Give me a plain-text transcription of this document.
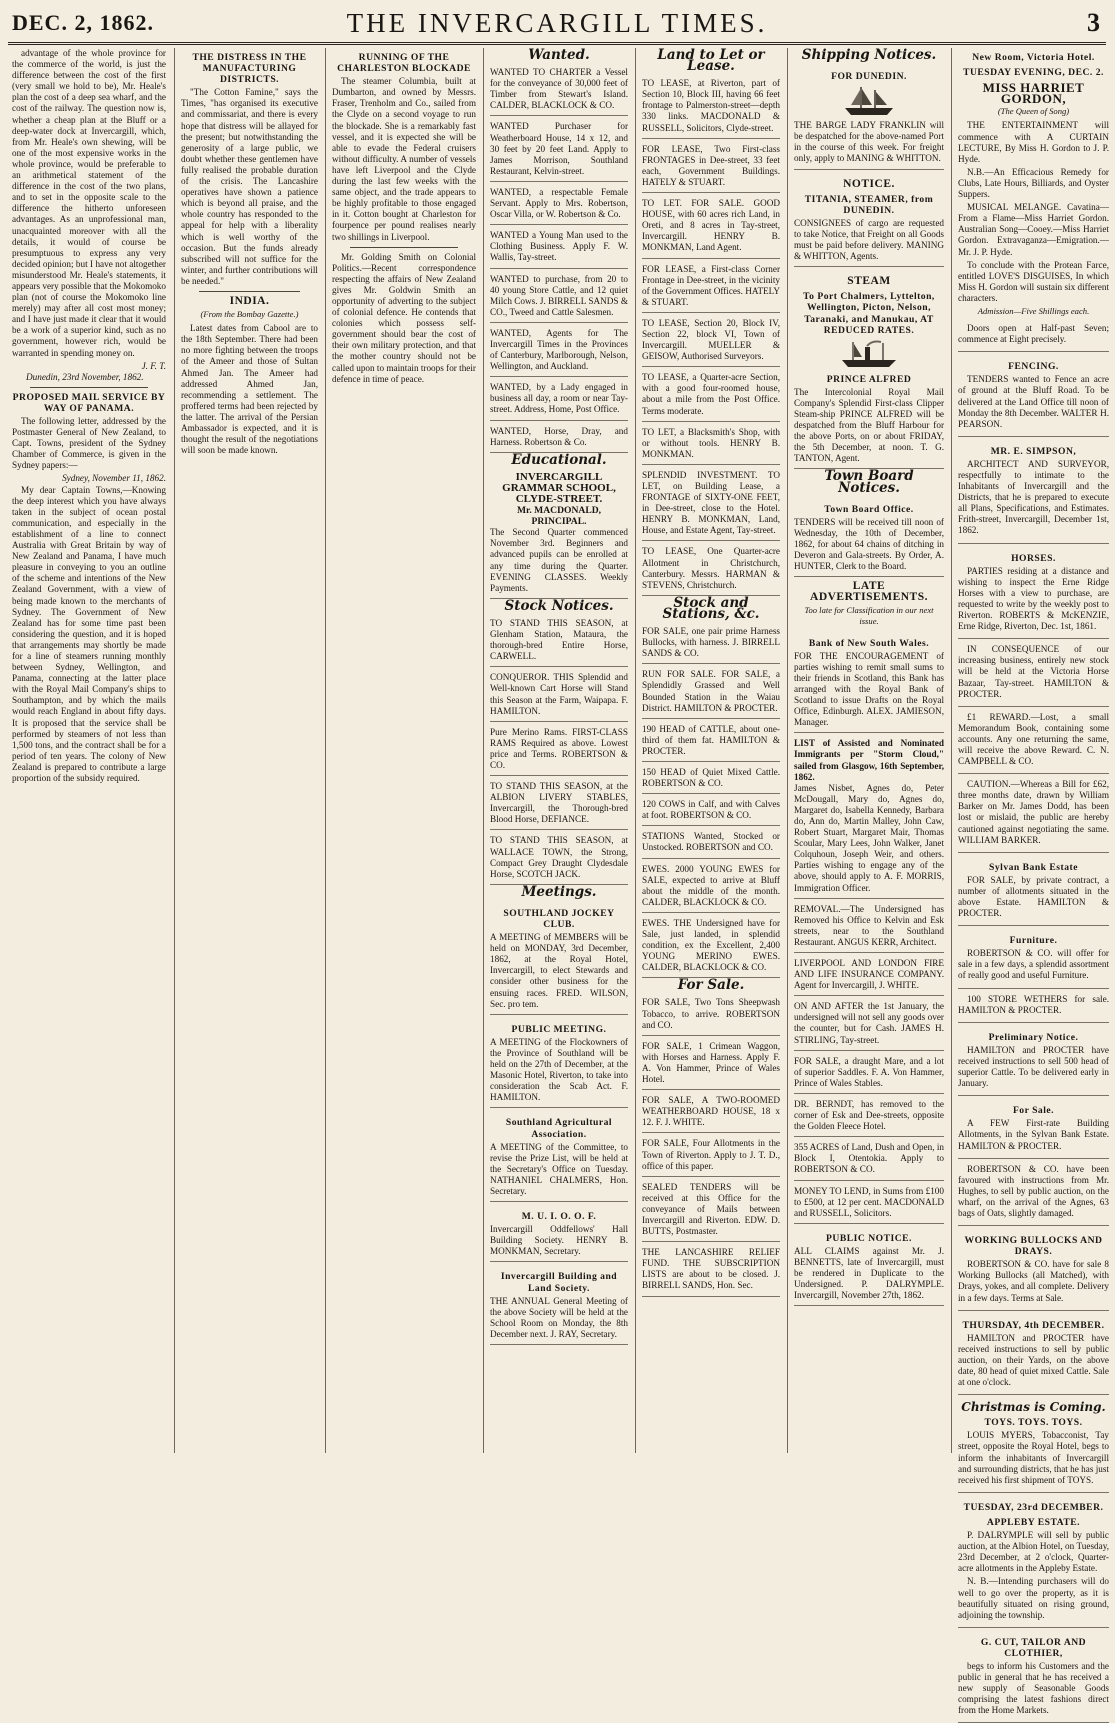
DEC. 2, 1862.	THE INVERCARGILL TIMES.	3

advantage of the whole province for the commerce of the world, is just the difference between the cost of the first (very small we hold to be), Mr. Heale's plan the cost of a deep sea wharf, and the cost of the railway. The question now is, whether a cheap plan at the Bluff or a deep-water dock at Invercargill, which, from Mr. Heale's own shewing, will be one of the most expensive works in the whole province, would be preferable to an arithmetical statement of the difference in the cost of the two plans, and to set in the opposite scale to the difference the hitherto unforeseen advantages. As an unprofessional man, unacquainted moreover with all the details, it would of course be presumptuous to express any very decided opinion; but I have not altogether misunderstood Mr. Heale's statements, it appears very possible that the Mokomoko plan (not of course the Mokomoko line merely) may after all cost most money; and I have just made it clear that it would be a work of a superior kind, such as no government, however rich, would be warranted in spending money on.

J. F. T.
Dunedin, 23rd November, 1862.
PROPOSED MAIL SERVICE BY WAY OF PANAMA.

The following letter, addressed by the Postmaster General of New Zealand, to Capt. Towns, president of the Sydney Chamber of Commerce, is given in the Sydney papers:—

Sydney, November 11, 1862.

My dear Captain Towns,—Knowing the deep interest which you have always taken in the subject of ocean postal communication, and especially in the establishment of a line to connect Australia with Great Britain by way of New Zealand and Panama, I have much pleasure in conveying to you an outline of the scheme and intentions of the New Zealand Government, with a view of being made known to the merchants of Sydney. The Government of New Zealand has for some time past been considering the question, and it is hoped that arrangements may shortly be made for a line of steamers running monthly between Sydney, Wellington, and Panama, connecting at the latter place with the Royal Mail Company's ships to Southampton, and by which the mails would reach England in about fifty days. It is proposed that the service shall be performed by steamers of not less than 1,500 tons, and the contract shall be for a period of ten years. The colony of New Zealand is prepared to contribute a large proportion of the subsidy required.

THE DISTRESS IN THE MANUFACTURING DISTRICTS.

"The Cotton Famine," says the Times, "has organised its executive and commissariat, and there is every hope that distress will be allayed for the present; but notwithstanding the generosity of a large public, we doubt whether these gentlemen have fully realised the probable duration of the crisis. The Lancashire operatives have shown a patience which is beyond all praise, and the whole country has responded to the appeal for help with a liberality which is well worthy of the occasion. But the funds already subscribed will not suffice for the winter, and further contributions will be needed."

INDIA.
(From the Bombay Gazette.)

Latest dates from Cabool are to the 18th September. There had been no more fighting between the troops of the Ameer and those of Sultan Ahmed Jan. The Ameer had addressed Ahmed Jan, recommending a settlement. The proffered terms had been rejected by the latter. The arrival of the Persian Ambassador is expected, and it is thought the result of the negotiations will soon be made known.

RUNNING OF THE CHARLESTON BLOCKADE

The steamer Columbia, built at Dumbarton, and owned by Messrs. Fraser, Trenholm and Co., sailed from the Clyde on a second voyage to run the blockade. She is a remarkably fast vessel, and it is expected she will be able to evade the Federal cruisers without difficulty. A number of vessels have left Liverpool and the Clyde during the last few weeks with the same object, and the trade appears to be highly profitable to those engaged in it. Cotton bought at Charleston for fourpence per pound realises nearly two shillings in Liverpool.

Mr. Golding Smith on Colonial Politics.—Recent correspondence respecting the affairs of New Zealand gives Mr. Goldwin Smith an opportunity of adverting to the subject of colonial defence. He contends that colonies which possess self-government should bear the cost of their own military protection, and that the mother country should not be called upon to maintain troops for their defence in time of peace.

Wanted.

WANTED TO CHARTER a Vessel for the conveyance of 30,000 feet of Timber from Stewart's Island. CALDER, BLACKLOCK & CO.

WANTED Purchaser for Weatherboard House, 14 x 12, and 30 feet by 20 feet Land. Apply to James Morrison, Southland Restaurant, Kelvin-street.

WANTED, a respectable Female Servant. Apply to Mrs. Robertson, Oscar Villa, or W. Robertson & Co.

WANTED a Young Man used to the Clothing Business. Apply F. W. Wallis, Tay-street.

WANTED to purchase, from 20 to 40 young Store Cattle, and 12 quiet Milch Cows. J. BIRRELL SANDS & CO., Tweed and Cattle Salesmen.

WANTED, Agents for The Invercargill Times in the Provinces of Canterbury, Marlborough, Nelson, Wellington, and Auckland.

WANTED, by a Lady engaged in business all day, a room or near Tay-street. Address, Home, Post Office.

WANTED, Horse, Dray, and Harness. Robertson & Co.

Educational.
INVERCARGILL GRAMMAR SCHOOL, CLYDE-STREET.
Mr. MACDONALD, PRINCIPAL.

The Second Quarter commenced November 3rd. Beginners and advanced pupils can be enrolled at any time during the Quarter. EVENING CLASSES. Weekly Payments.

Stock Notices.

TO STAND THIS SEASON, at Glenham Station, Mataura, the thorough-bred Entire Horse, CARWELL.

CONQUEROR. THIS Splendid and Well-known Cart Horse will Stand this Season at the Farm, Waipapa. F. HAMILTON.

Pure Merino Rams. FIRST-CLASS RAMS Required as above. Lowest price and Terms. ROBERTSON & CO.

TO STAND THIS SEASON, at the ALBION LIVERY STABLES, Invercargill, the Thorough-bred Blood Horse, DEFIANCE.

TO STAND THIS SEASON, at WALLACE TOWN, the Strong, Compact Grey Draught Clydesdale Horse, SCOTCH JACK.

Meetings.
SOUTHLAND JOCKEY CLUB.

A MEETING of MEMBERS will be held on MONDAY, 3rd December, 1862, at the Royal Hotel, Invercargill, to elect Stewards and consider other business for the ensuing races. FRED. WILSON, Sec. pro tem.

PUBLIC MEETING.

A MEETING of the Flockowners of the Province of Southland will be held on the 27th of December, at the Masonic Hotel, Riverton, to take into consideration the Scab Act. F. HAMILTON.

Southland Agricultural Association.

A MEETING of the Committee, to revise the Prize List, will be held at the Secretary's Office on Tuesday. NATHANIEL CHALMERS, Hon. Secretary.

M. U. I. O. O. F.

Invercargill Oddfellows' Hall Building Society. HENRY B. MONKMAN, Secretary.

Invercargill Building and Land Society.

THE ANNUAL General Meeting of the above Society will be held at the School Room on Monday, the 8th December next. J. RAY, Secretary.

Land to Let or Lease.

TO LEASE, at Riverton, part of Section 10, Block III, having 66 feet frontage to Palmerston-street—depth 330 links. MACDONALD & RUSSELL, Solicitors, Clyde-street.

FOR LEASE, Two First-class FRONTAGES in Dee-street, 33 feet each, Government Buildings. HATELY & STUART.

TO LET. FOR SALE. GOOD HOUSE, with 60 acres rich Land, in Oreti, and 8 acres in Tay-street, Invercargill. HENRY B. MONKMAN, Land Agent.

FOR LEASE, a First-class Corner Frontage in Dee-street, in the vicinity of the Government Offices. HATELY & STUART.

TO LEASE, Section 20, Block IV, Section 22, block VI, Town of Invercargill. MUELLER & GEISOW, Authorised Surveyors.

TO LEASE, a Quarter-acre Section, with a good four-roomed house, about a mile from the Post Office. Terms moderate.

TO LET, a Blacksmith's Shop, with or without tools. HENRY B. MONKMAN.

SPLENDID INVESTMENT. TO LET, on Building Lease, a FRONTAGE of SIXTY-ONE FEET, in Dee-street, close to the Hotel. HENRY B. MONKMAN, Land, House, and Estate Agent, Tay-street.

TO LEASE, One Quarter-acre Allotment in Christchurch, Canterbury. Messrs. HARMAN & STEVENS, Christchurch.

Stock and Stations, &c.

FOR SALE, one pair prime Harness Bullocks, with harness. J. BIRRELL SANDS & CO.

RUN FOR SALE. FOR SALE, a Splendidly Grassed and Well Bounded Station in the Waiau District. HAMILTON & PROCTER.

190 HEAD of CATTLE, about one-third of them fat. HAMILTON & PROCTER.

150 HEAD of Quiet Mixed Cattle. ROBERTSON & CO.

120 COWS in Calf, and with Calves at foot. ROBERTSON & CO.

STATIONS Wanted, Stocked or Unstocked. ROBERTSON and CO.

EWES. 2000 YOUNG EWES for SALE, expected to arrive at Bluff about the middle of the month. CALDER, BLACKLOCK & CO.

EWES. THE Undersigned have for Sale, just landed, in splendid condition, ex the Excellent, 2,400 YOUNG MERINO EWES. CALDER, BLACKLOCK & CO.

For Sale.

FOR SALE, Two Tons Sheepwash Tobacco, to arrive. ROBERTSON and CO.

FOR SALE, 1 Crimean Waggon, with Horses and Harness. Apply F. A. Von Hammer, Prince of Wales Hotel.

FOR SALE, A TWO-ROOMED WEATHERBOARD HOUSE, 18 x 12. F. J. WHITE.

FOR SALE, Four Allotments in the Town of Riverton. Apply to J. T. D., office of this paper.

SEALED TENDERS will be received at this Office for the conveyance of Mails between Invercargill and Riverton. EDW. D. BUTTS, Postmaster.

THE LANCASHIRE RELIEF FUND. THE SUBSCRIPTION LISTS are about to be closed. J. BIRRELL SANDS, Hon. Sec.

Shipping Notices.
FOR DUNEDIN.

THE BARGE LADY FRANKLIN will be despatched for the above-named Port in the course of this week. For freight only, apply to MANING & WHITTON.

NOTICE.
TITANIA, STEAMER, from DUNEDIN.

CONSIGNEES of cargo are requested to take Notice, that Freight on all Goods must be paid before delivery. MANING & WHITTON, Agents.

STEAM
To Port Chalmers, Lyttelton, Wellington, Picton, Nelson, Taranaki, and Manukau, AT REDUCED RATES.
PRINCE ALFRED

The Intercolonial Royal Mail Company's Splendid First-class Clipper Steam-ship PRINCE ALFRED will be despatched from the Bluff Harbour for the above Ports, on or about FRIDAY, the 5th December, at noon. T. G. TANTON, Agent.

Town Board Notices.
Town Board Office.

TENDERS will be received till noon of Wednesday, the 10th of December, 1862, for about 64 chains of ditching in Deveron and Gala-streets. By Order, A. HUNTER, Clerk to the Board.

LATE ADVERTISEMENTS.
Too late for Classification in our next issue.
Bank of New South Wales.

FOR THE ENCOURAGEMENT of parties wishing to remit small sums to their friends in Scotland, this Bank has arranged with the Royal Bank of Scotland to issue Drafts on the Royal Office, Edinburgh. ALEX. JAMIESON, Manager.

LIST of Assisted and Nominated Immigrants per "Storm Cloud," sailed from Glasgow, 16th September, 1862.

James Nisbet, Agnes do, Peter McDougall, Mary do, Agnes do, Margaret do, Isabella Kennedy, Barbara do, Ann do, Martin Malley, John Caw, Robert Stuart, Margaret Mair, Thomas Scoular, Mary Lees, John Walker, Janet Colquhoun, Joseph Weir, and others. Parties wishing to engage any of the above, should apply to A. F. MORRIS, Immigration Officer.

REMOVAL.—The Undersigned has Removed his Office to Kelvin and Esk streets, near to the Southland Restaurant. ANGUS KERR, Architect.

LIVERPOOL AND LONDON FIRE AND LIFE INSURANCE COMPANY. Agent for Invercargill, J. WHITE.

ON AND AFTER the 1st January, the undersigned will not sell any goods over the counter, but for Cash. JAMES H. STIRLING, Tay-street.

FOR SALE, a draught Mare, and a lot of superior Saddles. F. A. Von Hammer, Prince of Wales Stables.

DR. BERNDT, has removed to the corner of Esk and Dee-streets, opposite the Golden Fleece Hotel.

355 ACRES of Land, Dush and Open, in Block I, Otentokia. Apply to ROBERTSON & CO.

MONEY TO LEND, in Sums from £100 to £500, at 12 per cent. MACDONALD and RUSSELL, Solicitors.

PUBLIC NOTICE.

ALL CLAIMS against Mr. J. BENNETTS, late of Invercargill, must be rendered in Duplicate to the Undersigned. P. DALRYMPLE. Invercargill, November 27th, 1862.

New Room, Victoria Hotel.
TUESDAY EVENING, DEC. 2.
MISS HARRIET GORDON,
(The Queen of Song)

THE ENTERTAINMENT will commence with A CURTAIN LECTURE, By Miss H. Gordon to J. P. Hyde.

N.B.—An Efficacious Remedy for Clubs, Late Hours, Billiards, and Oyster Suppers.

MUSICAL MELANGE. Cavatina—From a Flame—Miss Harriet Gordon. Australian Song—Cooey.—Miss Harriet Gordon. Extravaganza—Emigration.—Mr. J. P. Hyde.

To conclude with the Protean Farce, entitled LOVE'S DISGUISES, In which Miss H. Gordon will sustain six different characters.

Admission—Five Shillings each.

Doors open at Half-past Seven; commence at Eight precisely.

FENCING.

TENDERS wanted to Fence an acre of ground at the Bluff Road. To be delivered at the Land Office till noon of Monday the 8th December. WALTER H. PEARSON.

MR. E. SIMPSON,

ARCHITECT AND SURVEYOR, respectfully to intimate to the Inhabitants of Invercargill and the Districts, that he is prepared to execute all Plans, Specifications, and Estimates. Frith-street, Invercargill, December 1st, 1862.

HORSES.

PARTIES residing at a distance and wishing to inspect the Erne Ridge Horses with a view to purchase, are requested to write by the weekly post to Riverton. ROBERTS & McKENZIE, Erne Ridge, Riverton, Dec. 1st, 1861.

IN CONSEQUENCE of our increasing business, entirely new stock will be held at the Victoria Horse Bazaar, Tay-street. HAMILTON & PROCTER.

£1 REWARD.—Lost, a small Memorandum Book, containing some accounts. Any one returning the same, will receive the above Reward. C. N. CAMPBELL & CO.

CAUTION.—Whereas a Bill for £62, three months date, drawn by William Barker on Mr. James Dodd, has been lost or mislaid, the public are hereby cautioned against negotiating the same. WILLIAM BARKER.

Sylvan Bank Estate

FOR SALE, by private contract, a number of allotments situated in the above Estate. HAMILTON & PROCTER.

Furniture.

ROBERTSON & CO. will offer for sale in a few days, a splendid assortment of really good and useful Furniture.

100 STORE WETHERS for sale. HAMILTON & PROCTER.

Preliminary Notice.

HAMILTON and PROCTER have received instructions to sell 500 head of superior Cattle. To be delivered early in January.

For Sale.

A FEW First-rate Building Allotments, in the Sylvan Bank Estate. HAMILTON & PROCTER.

ROBERTSON & CO. have been favoured with instructions from Mr. Hughes, to sell by public auction, on the wharf, on the arrival of the Agnes, 63 bags of Oats, slightly damaged.

WORKING BULLOCKS AND DRAYS.

ROBERTSON & CO. have for sale 8 Working Bullocks (all Matched), with Drays, yokes, and all complete. Delivery in a few days. Terms at Sale.

THURSDAY, 4th DECEMBER.

HAMILTON and PROCTER have received instructions to sell by public auction, on their Yards, on the above date, 80 head of quiet mixed Cattle. Sale at one o'clock.

Christmas is Coming.
TOYS. TOYS. TOYS.

LOUIS MYERS, Tobacconist, Tay street, opposite the Royal Hotel, begs to inform the inhabitants of Invercargill and surrounding districts, that he has just received his first shipment of TOYS.

TUESDAY, 23rd DECEMBER.
APPLEBY ESTATE.

P. DALRYMPLE will sell by public auction, at the Albion Hotel, on Tuesday, 23rd December, at 2 o'clock, Quarter-acre allotments in the Appleby Estate.

N. B.—Intending purchasers will do well to go over the property, as it is beautifully situated on rising ground, adjoining the township.

G. CUT, TAILOR AND CLOTHIER,

begs to inform his Customers and the public in general that he has received a new supply of Seasonable Goods comprising the latest fashions direct from the Home Markets.
